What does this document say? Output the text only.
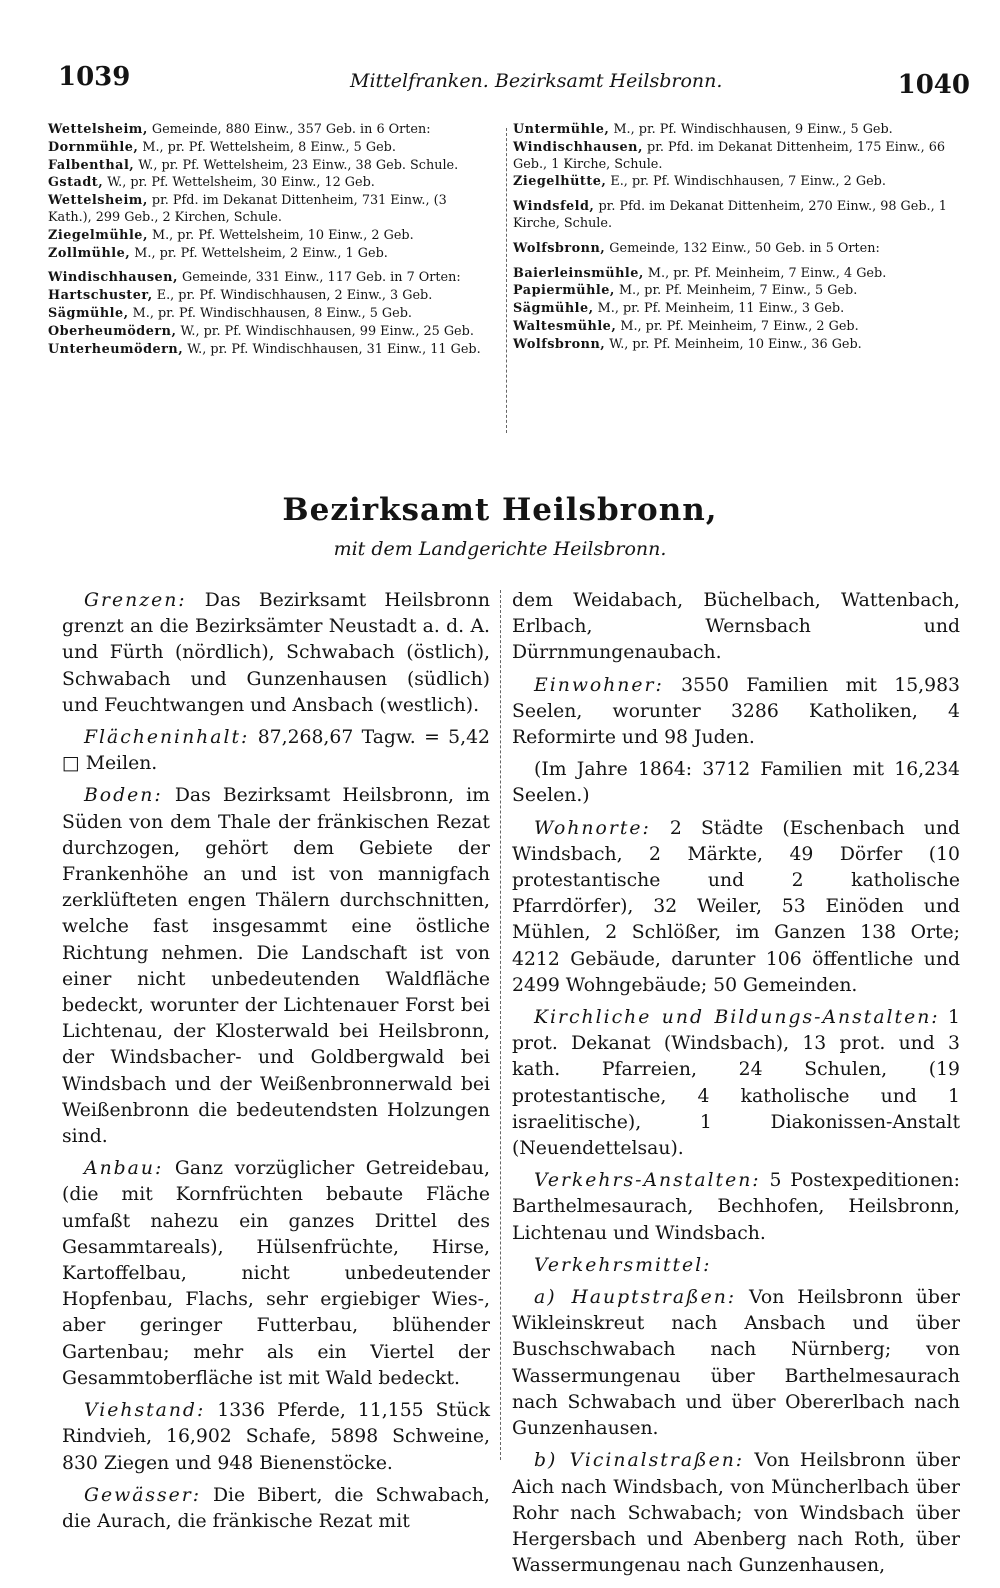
1039	Mittelfranken. Bezirksamt Heilsbronn.	1040
Wettelsheim, Gemeinde, 880 Einw., 357 Geb. in 6 Orten:
Dornmühle, M., pr. Pf. Wettelsheim, 8 Einw., 5 Geb.
Falbenthal, W., pr. Pf. Wettelsheim, 23 Einw., 38 Geb. Schule.
Gstadt, W., pr. Pf. Wettelsheim, 30 Einw., 12 Geb.
Wettelsheim, pr. Pfd. im Dekanat Dittenheim, 731 Einw., (3 Kath.), 299 Geb., 2 Kirchen, Schule.
Ziegelmühle, M., pr. Pf. Wettelsheim, 10 Einw., 2 Geb.
Zollmühle, M., pr. Pf. Wettelsheim, 2 Einw., 1 Geb.
Windischhausen, Gemeinde, 331 Einw., 117 Geb. in 7 Orten:
Hartschuster, E., pr. Pf. Windischhausen, 2 Einw., 3 Geb.
Sägmühle, M., pr. Pf. Windischhausen, 8 Einw., 5 Geb.
Oberheumödern, W., pr. Pf. Windischhausen, 99 Einw., 25 Geb.
Unterheumödern, W., pr. Pf. Windischhausen, 31 Einw., 11 Geb.
Untermühle, M., pr. Pf. Windischhausen, 9 Einw., 5 Geb.
Windischhausen, pr. Pfd. im Dekanat Dittenheim, 175 Einw., 66 Geb., 1 Kirche, Schule.
Ziegelhütte, E., pr. Pf. Windischhausen, 7 Einw., 2 Geb.
Windsfeld, pr. Pfd. im Dekanat Dittenheim, 270 Einw., 98 Geb., 1 Kirche, Schule.
Wolfsbronn, Gemeinde, 132 Einw., 50 Geb. in 5 Orten:
Baierleinsmühle, M., pr. Pf. Meinheim, 7 Einw., 4 Geb.
Papiermühle, M., pr. Pf. Meinheim, 7 Einw., 5 Geb.
Sägmühle, M., pr. Pf. Meinheim, 11 Einw., 3 Geb.
Waltesmühle, M., pr. Pf. Meinheim, 7 Einw., 2 Geb.
Wolfsbronn, W., pr. Pf. Meinheim, 10 Einw., 36 Geb.
Bezirksamt Heilsbronn,
mit dem Landgerichte Heilsbronn.

Grenzen: Das Bezirksamt Heilsbronn grenzt an die Bezirksämter Neustadt a. d. A. und Fürth (nördlich), Schwabach (östlich), Schwabach und Gunzenhausen (südlich) und Feuchtwangen und Ansbach (westlich).

Flächeninhalt: 87,268,67 Tagw. = 5,42 □ Meilen.

Boden: Das Bezirksamt Heilsbronn, im Süden von dem Thale der fränkischen Rezat durchzogen, gehört dem Gebiete der Frankenhöhe an und ist von mannigfach zerklüfteten engen Thälern durchschnitten, welche fast insgesammt eine östliche Richtung nehmen. Die Landschaft ist von einer nicht unbedeutenden Waldfläche bedeckt, worunter der Lichtenauer Forst bei Lichtenau, der Klosterwald bei Heilsbronn, der Windsbacher- und Goldbergwald bei Windsbach und der Weißenbronnerwald bei Weißenbronn die bedeutendsten Holzungen sind.

Anbau: Ganz vorzüglicher Getreidebau, (die mit Kornfrüchten bebaute Fläche umfaßt nahezu ein ganzes Drittel des Gesammtareals), Hülsenfrüchte, Hirse, Kartoffelbau, nicht unbedeutender Hopfenbau, Flachs, sehr ergiebiger Wies-, aber geringer Futterbau, blühender Gartenbau; mehr als ein Viertel der Gesammtoberfläche ist mit Wald bedeckt.

Viehstand: 1336 Pferde, 11,155 Stück Rindvieh, 16,902 Schafe, 5898 Schweine, 830 Ziegen und 948 Bienenstöcke.

Gewässer: Die Bibert, die Schwabach, die Aurach, die fränkische Rezat mit

dem Weidabach, Büchelbach, Wattenbach, Erlbach, Wernsbach und Dürrnmungenaubach.

Einwohner: 3550 Familien mit 15,983 Seelen, worunter 3286 Katholiken, 4 Reformirte und 98 Juden.

(Im Jahre 1864: 3712 Familien mit 16,234 Seelen.)

Wohnorte: 2 Städte (Eschenbach und Windsbach, 2 Märkte, 49 Dörfer (10 protestantische und 2 katholische Pfarrdörfer), 32 Weiler, 53 Einöden und Mühlen, 2 Schlößer, im Ganzen 138 Orte; 4212 Gebäude, darunter 106 öffentliche und 2499 Wohngebäude; 50 Gemeinden.

Kirchliche und Bildungs-Anstalten: 1 prot. Dekanat (Windsbach), 13 prot. und 3 kath. Pfarreien, 24 Schulen, (19 protestantische, 4 katholische und 1 israelitische), 1 Diakonissen-Anstalt (Neuendettelsau).

Verkehrs-Anstalten: 5 Postexpeditionen: Barthelmesaurach, Bechhofen, Heilsbronn, Lichtenau und Windsbach.

Verkehrsmittel:

a) Hauptstraßen: Von Heilsbronn über Wikleinskreut nach Ansbach und über Buschschwabach nach Nürnberg; von Wassermungenau über Barthelmesaurach nach Schwabach und über Obererlbach nach Gunzenhausen.

b) Vicinalstraßen: Von Heilsbronn über Aich nach Windsbach, von Müncherlbach über Rohr nach Schwabach; von Windsbach über Hergersbach und Abenberg nach Roth, über Wassermungenau nach Gunzenhausen,
